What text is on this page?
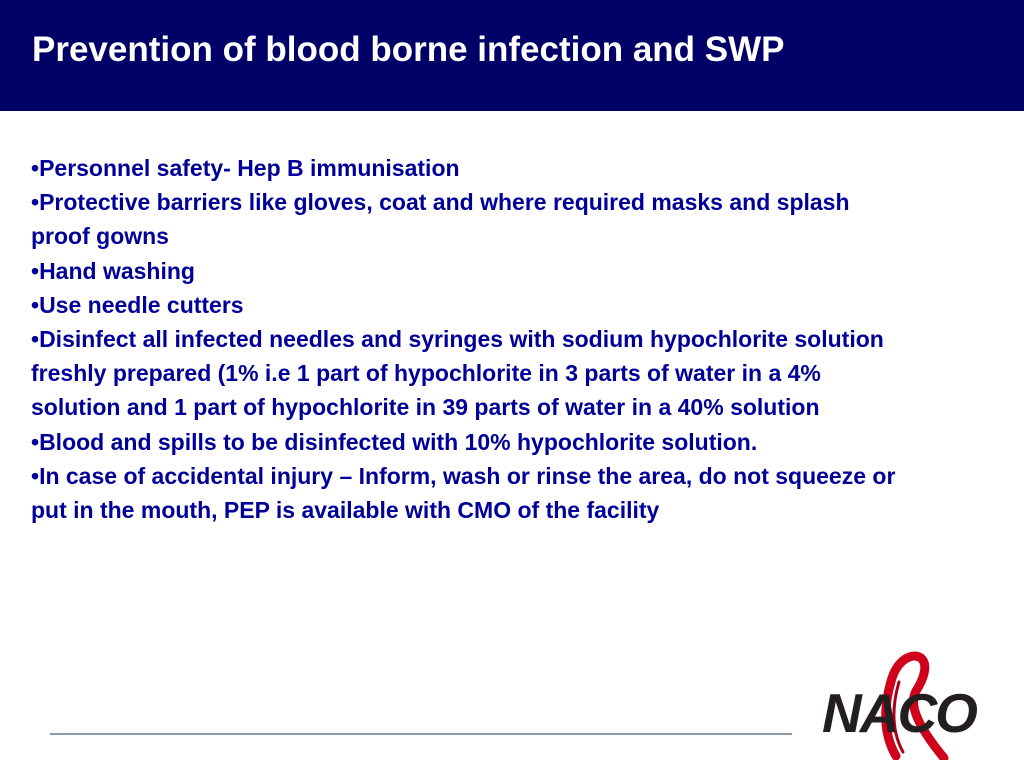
Prevention of blood borne infection and SWP
•Personnel safety- Hep B immunisation
•Protective barriers like gloves, coat and where required masks and splash proof gowns
•Hand washing
•Use needle cutters
•Disinfect all infected needles and syringes with sodium hypochlorite solution freshly prepared (1% i.e 1 part of hypochlorite in 3 parts of water in a 4% solution and 1 part of hypochlorite in 39 parts of water in a 40% solution
•Blood and spills to be disinfected with 10% hypochlorite solution.
•In case of accidental injury – Inform, wash or rinse the area, do not squeeze or put in the mouth, PEP is available with CMO of the facility
NACO
